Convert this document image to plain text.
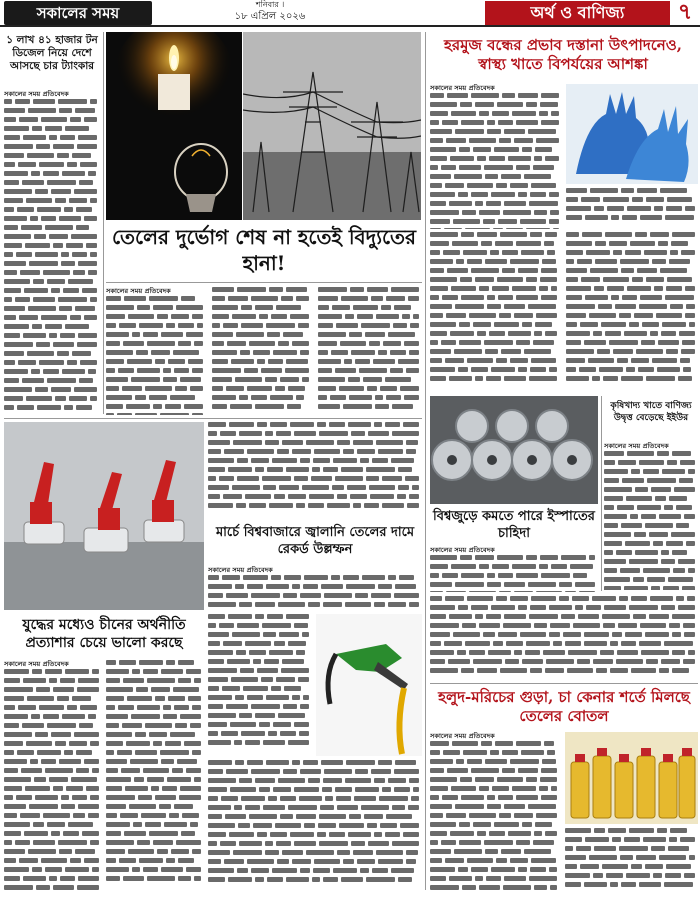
সকালের সময়	শনিবার ।
১৮ এপ্রিল ২০২৬	অর্থ ও বাণিজ্য	৭
১ লাখ ৪১ হাজার টন ডিজেল নিয়ে দেশে আসছে চার ট্যাংকার
সকালের সময় প্রতিবেদক
তেলের দুর্ভোগ শেষ না হতেই বিদ্যুতের হানা!
সকালের সময় প্রতিবেদক
হরমুজ বন্ধের প্রভাব দস্তানা উৎপাদনেও, স্বাস্থ্য খাতে বিপর্যয়ের আশঙ্কা
সকালের সময় প্রতিবেদক
কৃষিখাদ্য খাতে বাণিজ্য উদ্বৃত্ত বেড়েছে ইইউর
সকালের সময় প্রতিবেদক
বিশ্বজুড়ে কমতে পারে ইস্পাতের চাহিদা
সকালের সময় প্রতিবেদক
হলুদ-মরিচের গুড়া, চা কেনার শর্তে মিলছে তেলের বোতল
সকালের সময় প্রতিবেদক
মার্চে বিশ্ববাজারে জ্বালানি তেলের দামে রেকর্ড উল্লম্ফন
সকালের সময় প্রতিবেদক
যুদ্ধের মধ্যেও চীনের অর্থনীতি প্রত্যাশার চেয়ে ভালো করছে
সকালের সময় প্রতিবেদক
